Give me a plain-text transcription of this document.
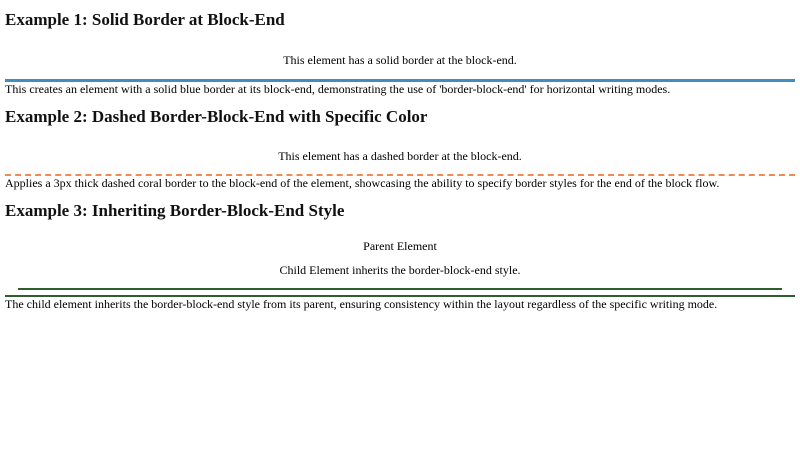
Example 1: Solid Border at Block-End
This element has a solid border at the block-end.

This creates an element with a solid blue border at its block-end, demonstrating the use of 'border-block-end' for horizontal writing modes.

Example 2: Dashed Border-Block-End with Specific Color
This element has a dashed border at the block-end.

Applies a 3px thick dashed coral border to the block-end of the element, showcasing the ability to specify border styles for the end of the block flow.

Example 3: Inheriting Border-Block-End Style
Parent Element
Child Element inherits the border-block-end style.

The child element inherits the border-block-end style from its parent, ensuring consistency within the layout regardless of the specific writing mode.
